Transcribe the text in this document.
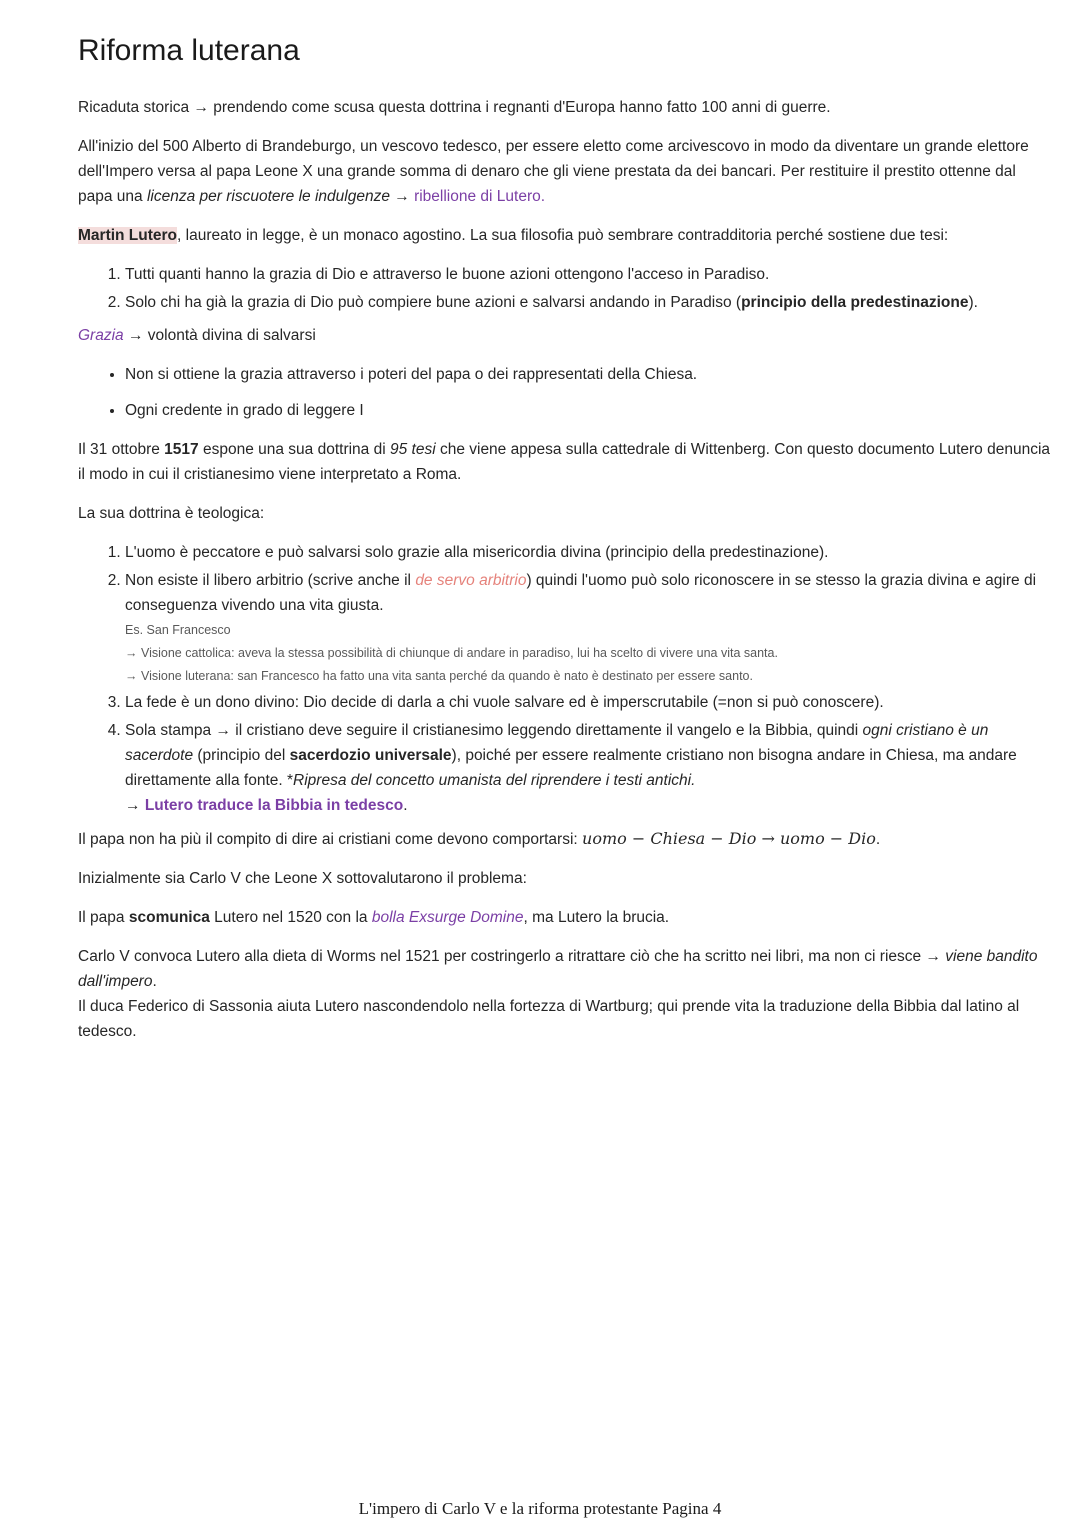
Riforma luterana

Ricaduta storica → prendendo come scusa questa dottrina i regnanti d'Europa hanno fatto 100 anni di guerre.

All'inizio del 500 Alberto di Brandeburgo, un vescovo tedesco, per essere eletto come arcivescovo in modo da diventare un grande elettore dell'Impero versa al papa Leone X una grande somma di denaro che gli viene prestata da dei bancari. Per restituire il prestito ottenne dal papa una licenza per riscuotere le indulgenze → ribellione di Lutero.

Martin Lutero, laureato in legge, è un monaco agostino. La sua filosofia può sembrare contradditoria perché sostiene due tesi:

1. Tutti quanti hanno la grazia di Dio e attraverso le buone azioni ottengono l'acceso in Paradiso.
2. Solo chi ha già la grazia di Dio può compiere bune azioni e salvarsi andando in Paradiso (principio della predestinazione).

Grazia → volontà divina di salvarsi

• Non si ottiene la grazia attraverso i poteri del papa o dei rappresentati della Chiesa.
• Ogni credente in grado di leggere I

Il 31 ottobre 1517 espone una sua dottrina di 95 tesi che viene appesa sulla cattedrale di Wittenberg. Con questo documento Lutero denuncia il modo in cui il cristianesimo viene interpretato a Roma.

La sua dottrina è teologica:

1. L'uomo è peccatore e può salvarsi solo grazie alla misericordia divina (principio della predestinazione).
2. Non esiste il libero arbitrio (scrive anche il de servo arbitrio) quindi l'uomo può solo riconoscere in se stesso la grazia divina e agire di conseguenza vivendo una vita giusta.
Es. San Francesco
→ Visione cattolica: aveva la stessa possibilità di chiunque di andare in paradiso, lui ha scelto di vivere una vita santa.
→ Visione luterana: san Francesco ha fatto una vita santa perché da quando è nato è destinato per essere santo.
3. La fede è un dono divino: Dio decide di darla a chi vuole salvare ed è imperscrutabile (=non si può conoscere).
4. Sola stampa → il cristiano deve seguire il cristianesimo leggendo direttamente il vangelo e la Bibbia, quindi ogni cristiano è un sacerdote (principio del sacerdozio universale), poiché per essere realmente cristiano non bisogna andare in Chiesa, ma andare direttamente alla fonte. *Ripresa del concetto umanista del riprendere i testi antichi.
→ Lutero traduce la Bibbia in tedesco.

Il papa non ha più il compito di dire ai cristiani come devono comportarsi: uomo − Chiesa − Dio → uomo − Dio.

Inizialmente sia Carlo V che Leone X sottovalutarono il problema:

Il papa scomunica Lutero nel 1520 con la bolla Exsurge Domine, ma Lutero la brucia.

Carlo V convoca Lutero alla dieta di Worms nel 1521 per costringerlo a ritrattare ciò che ha scritto nei libri, ma non ci riesce → viene bandito dall'impero.
Il duca Federico di Sassonia aiuta Lutero nascondendolo nella fortezza di Wartburg; qui prende vita la traduzione della Bibbia dal latino al tedesco.

L'impero di Carlo V e la riforma protestante Pagina 4
